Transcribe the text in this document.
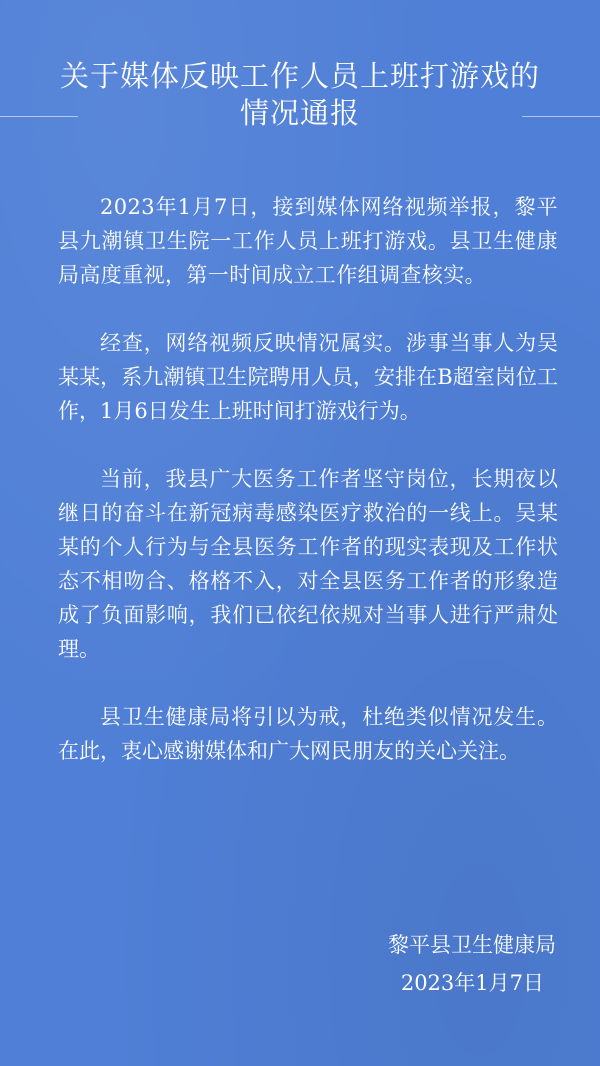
关于媒体反映工作人员上班打游戏的
情况通报

2023年1月7日，接到媒体网络视频举报，黎平县九潮镇卫生院一工作人员上班打游戏。县卫生健康局高度重视，第一时间成立工作组调查核实。

经查，网络视频反映情况属实。涉事当事人为吴某某，系九潮镇卫生院聘用人员，安排在B超室岗位工作，1月6日发生上班时间打游戏行为。

当前，我县广大医务工作者坚守岗位，长期夜以继日的奋斗在新冠病毒感染医疗救治的一线上。吴某某的个人行为与全县医务工作者的现实表现及工作状态不相吻合、格格不入，对全县医务工作者的形象造成了负面影响，我们已依纪依规对当事人进行严肃处理。

县卫生健康局将引以为戒，杜绝类似情况发生。在此，衷心感谢媒体和广大网民朋友的关心关注。

黎平县卫生健康局
2023年1月7日
